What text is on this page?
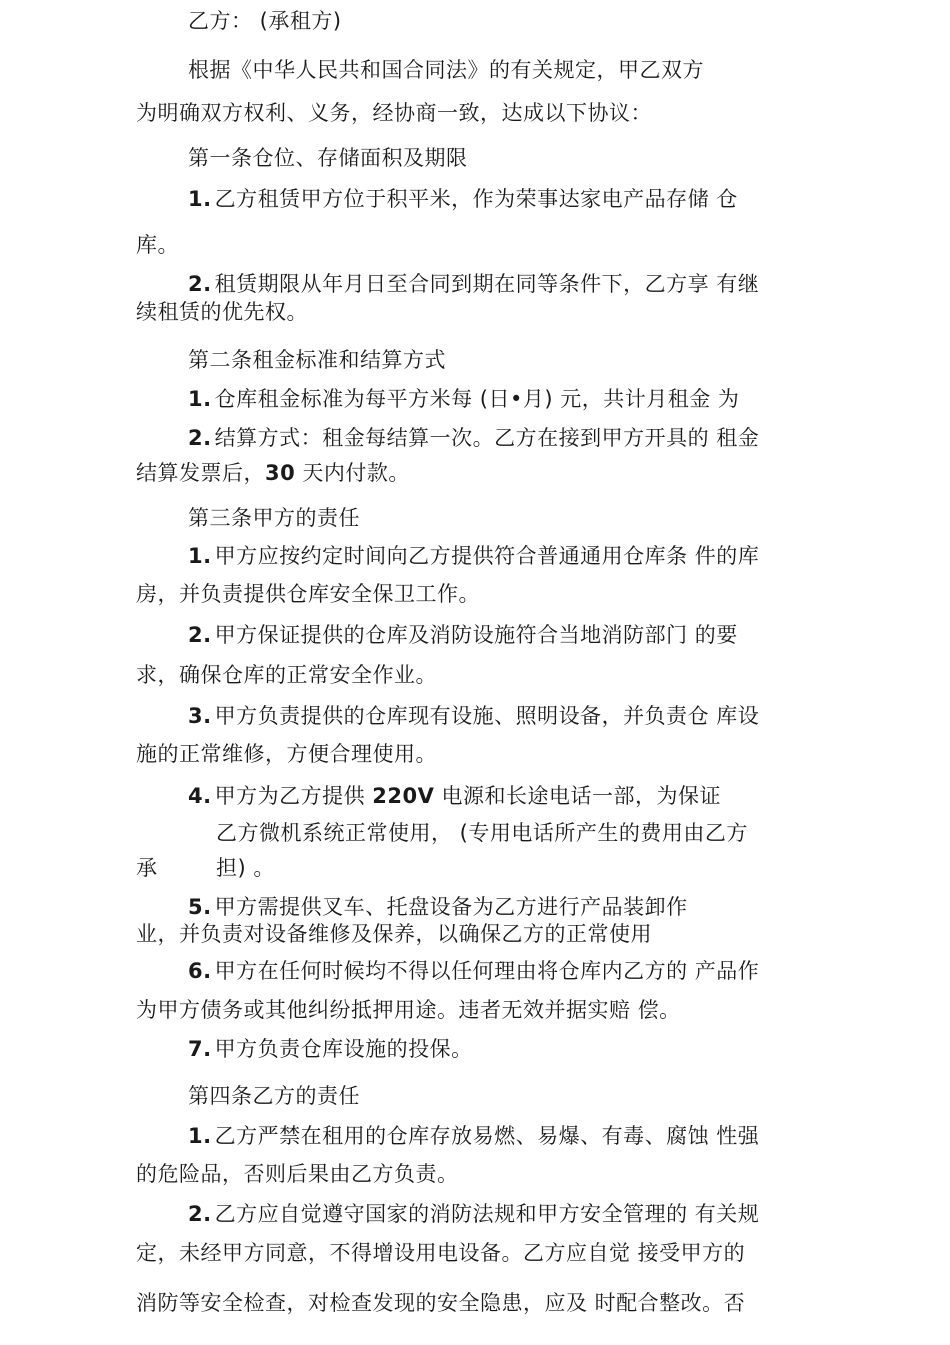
乙方： (承租方)
根据《中华人民共和国合同法》的有关规定，甲乙双方
为明确双方权利、义务，经协商一致，达成以下协议：
第一条仓位、存储面积及期限
1. 乙方租赁甲方位于积平米，作为荣事达家电产品存储 仓
库。
2. 租赁期限从年月日至合同到期在同等条件下，乙方享 有继
续租赁的优先权。
第二条租金标准和结算方式
1. 仓库租金标准为每平方米每 (日•月) 元，共计月租金 为
2. 结算方式：租金每结算一次。乙方在接到甲方开具的 租金
结算发票后，30 天内付款。
第三条甲方的责任
1. 甲方应按约定时间向乙方提供符合普通通用仓库条 件的库
房，并负责提供仓库安全保卫工作。
2. 甲方保证提供的仓库及消防设施符合当地消防部门 的要
求，确保仓库的正常安全作业。
3. 甲方负责提供的仓库现有设施、照明设备，并负责仓 库设
施的正常维修，方便合理使用。
4. 甲方为乙方提供 220V 电源和长途电话一部，为保证
乙方微机系统正常使用， (专用电话所产生的费用由乙方
承	担) 。
5. 甲方需提供叉车、托盘设备为乙方进行产品装卸作
业，并负责对设备维修及保养，以确保乙方的正常使用
6. 甲方在任何时候均不得以任何理由将仓库内乙方的 产品作
为甲方债务或其他纠纷抵押用途。违者无效并据实赔 偿。
7. 甲方负责仓库设施的投保。
第四条乙方的责任
1. 乙方严禁在租用的仓库存放易燃、易爆、有毒、腐蚀 性强
的危险品，否则后果由乙方负责。
2. 乙方应自觉遵守国家的消防法规和甲方安全管理的 有关规
定，未经甲方同意，不得增设用电设备。乙方应自觉 接受甲方的
消防等安全检查，对检查发现的安全隐患，应及 时配合整改。否
